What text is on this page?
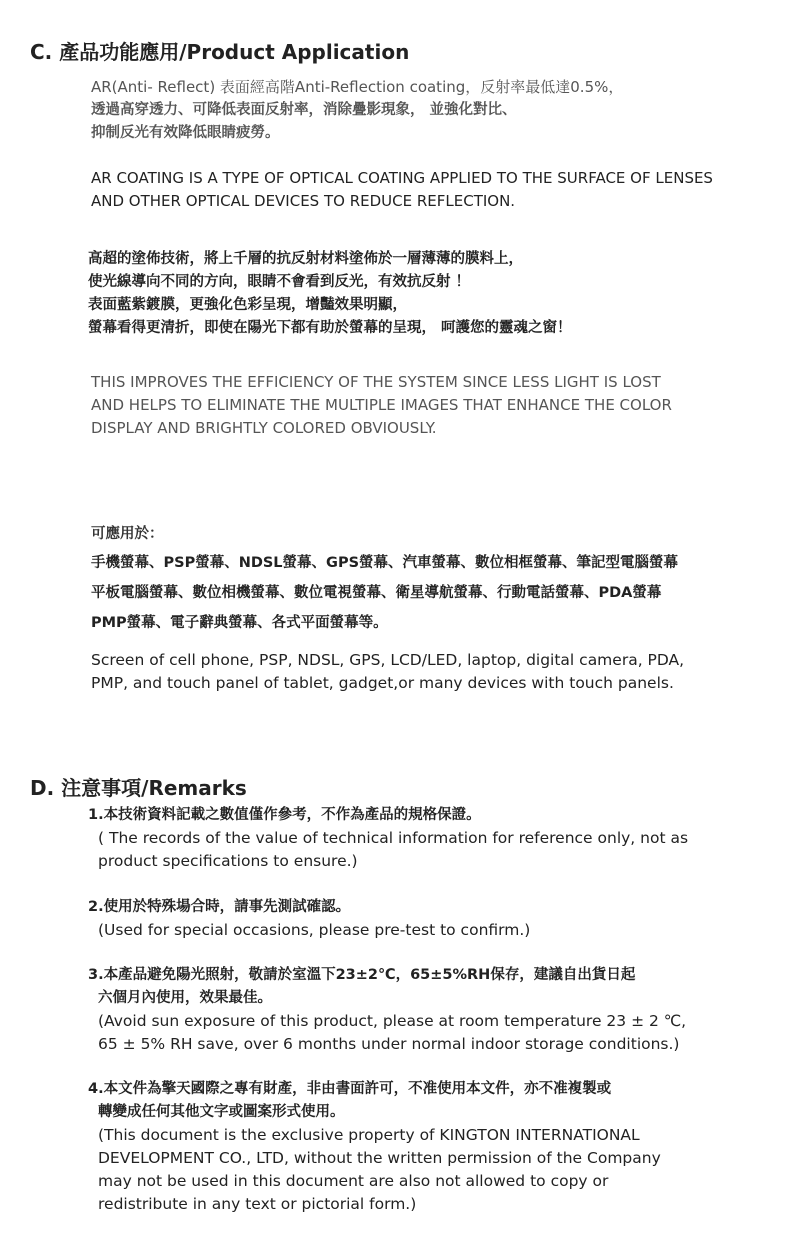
C. 產品功能應用/Product Application
AR(Anti- Reflect) 表面經高階Anti-Reflection coating，反射率最低達0.5%，
透過高穿透力、可降低表面反射率，消除疊影現象， 並強化對比、
抑制反光有效降低眼睛疲勞。
AR COATING IS A TYPE OF OPTICAL COATING APPLIED TO THE SURFACE OF LENSES
AND OTHER OPTICAL DEVICES TO REDUCE REFLECTION.
高超的塗佈技術，將上千層的抗反射材料塗佈於一層薄薄的膜料上，
使光線導向不同的方向，眼睛不會看到反光，有效抗反射 ！
表面藍紫鍍膜，更強化色彩呈現，增豔效果明顯，
螢幕看得更清折，即使在陽光下都有助於螢幕的呈現， 呵護您的靈魂之窗！
THIS IMPROVES THE EFFICIENCY OF THE SYSTEM SINCE LESS LIGHT IS LOST
AND HELPS TO ELIMINATE THE MULTIPLE IMAGES THAT ENHANCE THE COLOR
DISPLAY AND BRIGHTLY COLORED OBVIOUSLY.
可應用於：
手機螢幕、PSP螢幕、NDSL螢幕、GPS螢幕、汽車螢幕、數位相框螢幕、筆記型電腦螢幕
平板電腦螢幕、數位相機螢幕、數位電視螢幕、衛星導航螢幕、行動電話螢幕、PDA螢幕
PMP螢幕、電子辭典螢幕、各式平面螢幕等。
Screen of cell phone, PSP, NDSL, GPS, LCD/LED, laptop, digital camera, PDA,
PMP, and touch panel of tablet, gadget,or many devices with touch panels.
D. 注意事項/Remarks
1.本技術資料記載之數值僅作參考，不作為產品的規格保證。
( The records of the value of technical information for reference only, not as
product specifications to ensure.)
2.使用於特殊場合時，請事先測試確認。
(Used for special occasions, please pre-test to confirm.)
3.本產品避免陽光照射，敬請於室溫下23±2℃，65±5%RH保存，建議自出貨日起
六個月內使用，效果最佳。
(Avoid sun exposure of this product, please at room temperature 23 ± 2 ℃,
65 ± 5% RH save, over 6 months under normal indoor storage conditions.)
4.本文件為擎天國際之專有財產，非由書面許可，不准使用本文件，亦不准複製或
轉變成任何其他文字或圖案形式使用。
(This document is the exclusive property of KINGTON INTERNATIONAL
DEVELOPMENT CO., LTD, without the written permission of the Company
may not be used in this document are also not allowed to copy or
redistribute in any text or pictorial form.)
